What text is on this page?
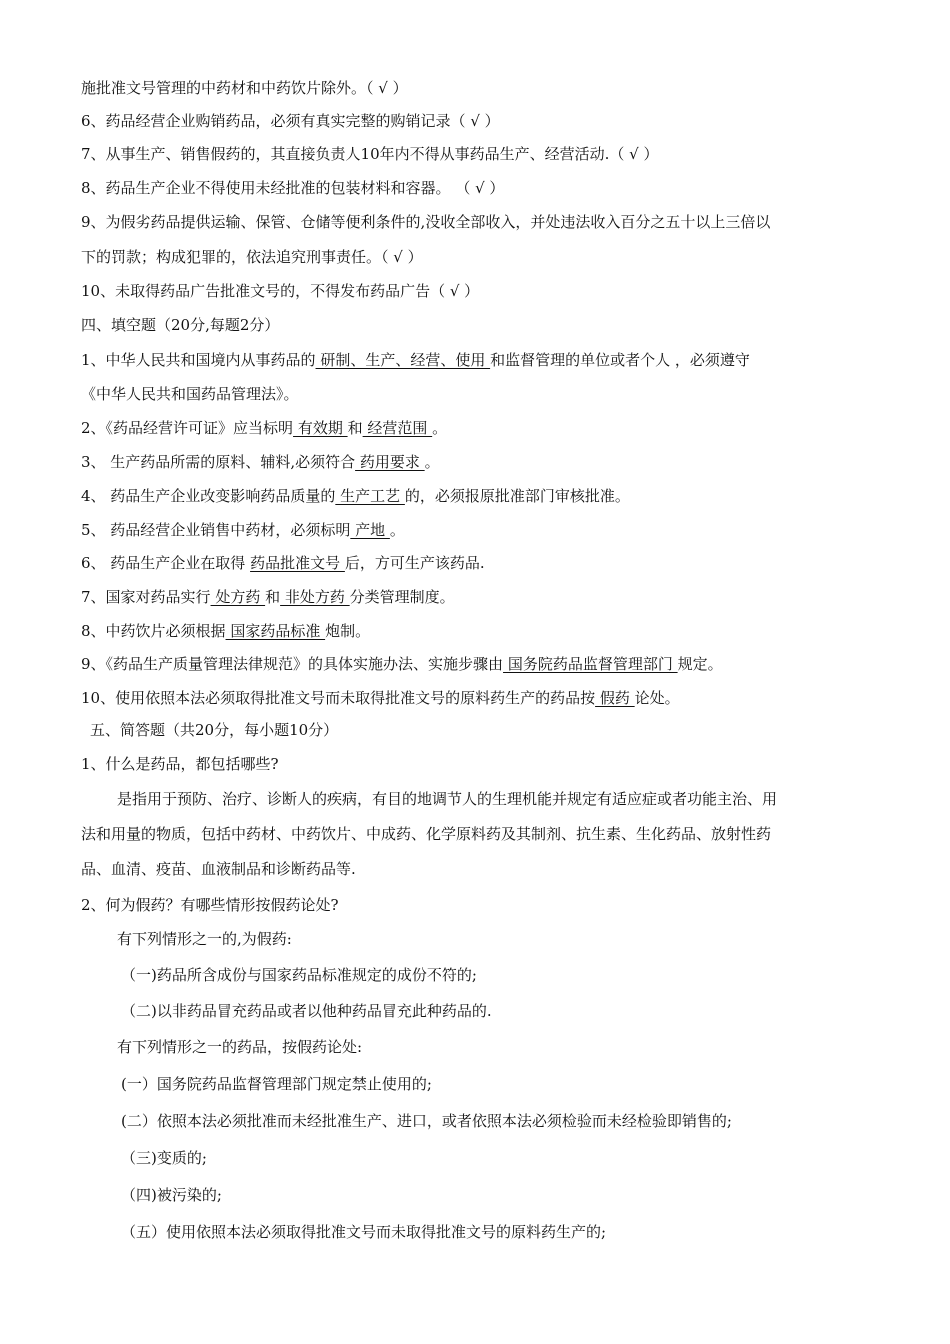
施批准文号管理的中药材和中药饮片除外。（ √ ）
6、药品经营企业购销药品，必须有真实完整的购销记录（ √ ）
7、从事生产、销售假药的，其直接负责人10年内不得从事药品生产、经营活动.（ √ ）
8、药品生产企业不得使用未经批准的包装材料和容器。 （ √ ）
9、为假劣药品提供运输、保管、仓储等便利条件的,没收全部收入，并处违法收入百分之五十以上三倍以
下的罚款；构成犯罪的，依法追究刑事责任。（ √ ）
10、未取得药品广告批准文号的，不得发布药品广告（ √ ）
四、填空题（20分,每题2分）
1、中华人民共和国境内从事药品的 研制、生产、经营、使用 和监督管理的单位或者个人 ，必须遵守
《中华人民共和国药品管理法》。
2、《药品经营许可证》应当标明 有效期 和 经营范围 。
3、 生产药品所需的原料、辅料,必须符合 药用要求 。
4、 药品生产企业改变影响药品质量的 生产工艺 的，必须报原批准部门审核批准。
5、 药品经营企业销售中药材，必须标明 产地 。
6、 药品生产企业在取得 药品批准文号 后，方可生产该药品.
7、国家对药品实行 处方药 和 非处方药 分类管理制度。
8、中药饮片必须根据 国家药品标准 炮制。
9、《药品生产质量管理法律规范》的具体实施办法、实施步骤由 国务院药品监督管理部门 规定。
10、使用依照本法必须取得批准文号而未取得批准文号的原料药生产的药品按 假药 论处。
五、简答题（共20分，每小题10分）
1、什么是药品，都包括哪些?
是指用于预防、治疗、诊断人的疾病，有目的地调节人的生理机能并规定有适应症或者功能主治、用
法和用量的物质，包括中药材、中药饮片、中成药、化学原料药及其制剂、抗生素、生化药品、放射性药
品、血清、疫苗、血液制品和诊断药品等.
2、何为假药？有哪些情形按假药论处?
有下列情形之一的,为假药:
（一)药品所含成份与国家药品标准规定的成份不符的;
（二)以非药品冒充药品或者以他种药品冒充此种药品的.
有下列情形之一的药品，按假药论处:
(一）国务院药品监督管理部门规定禁止使用的;
(二）依照本法必须批准而未经批准生产、进口，或者依照本法必须检验而未经检验即销售的;
（三)变质的;
（四)被污染的;
（五）使用依照本法必须取得批准文号而未取得批准文号的原料药生产的;
